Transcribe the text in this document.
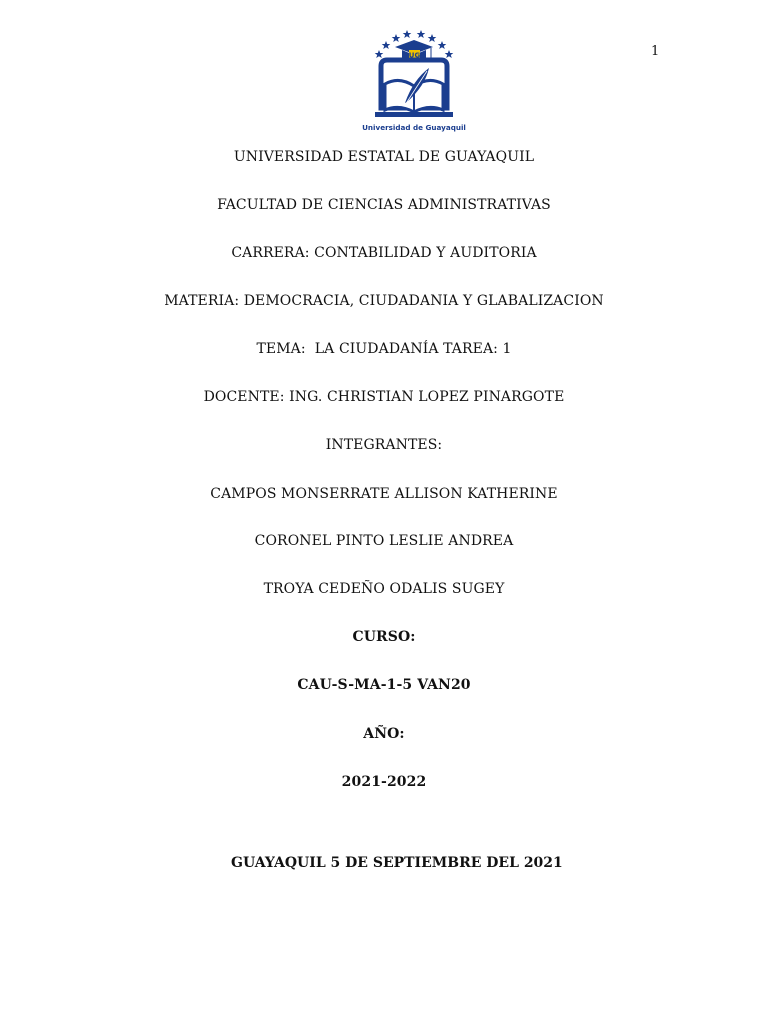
1
UG
Universidad de Guayaquil
UNIVERSIDAD ESTATAL DE GUAYAQUIL
FACULTAD DE CIENCIAS ADMINISTRATIVAS
CARRERA: CONTABILIDAD Y AUDITORIA
MATERIA: DEMOCRACIA, CIUDADANIA Y GLABALIZACION
TEMA:  LA CIUDADANÍA TAREA: 1
DOCENTE: ING. CHRISTIAN LOPEZ PINARGOTE
INTEGRANTES:
CAMPOS MONSERRATE ALLISON KATHERINE
CORONEL PINTO LESLIE ANDREA
TROYA CEDEÑO ODALIS SUGEY
CURSO:
CAU-S-MA-1-5 VAN20
AÑO:
2021-2022
GUAYAQUIL 5 DE SEPTIEMBRE DEL 2021
